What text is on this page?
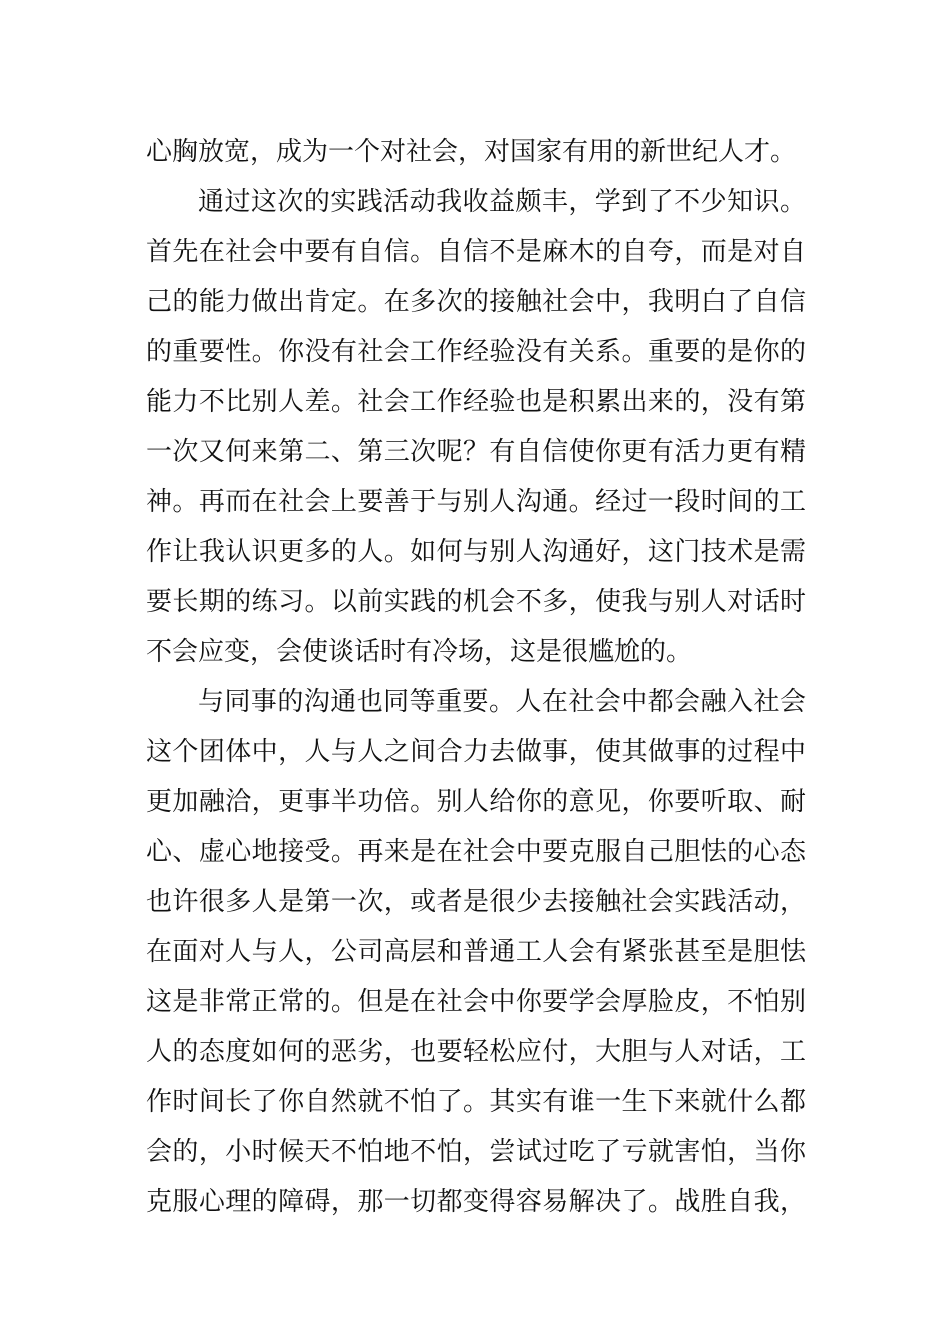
心胸放宽，成为一个对社会，对国家有用的新世纪人才。
通过这次的实践活动我收益颇丰，学到了不少知识。
首先在社会中要有自信。自信不是麻木的自夸，而是对自
己的能力做出肯定。在多次的接触社会中，我明白了自信
的重要性。你没有社会工作经验没有关系。重要的是你的
能力不比别人差。社会工作经验也是积累出来的，没有第
一次又何来第二、第三次呢？有自信使你更有活力更有精
神。再而在社会上要善于与别人沟通。经过一段时间的工
作让我认识更多的人。如何与别人沟通好，这门技术是需
要长期的练习。以前实践的机会不多，使我与别人对话时
不会应变，会使谈话时有冷场，这是很尴尬的。
与同事的沟通也同等重要。人在社会中都会融入社会
这个团体中，人与人之间合力去做事，使其做事的过程中
更加融洽，更事半功倍。别人给你的意见，你要听取、耐
心、虚心地接受。再来是在社会中要克服自己胆怯的心态
也许很多人是第一次，或者是很少去接触社会实践活动，
在面对人与人，公司高层和普通工人会有紧张甚至是胆怯
这是非常正常的。但是在社会中你要学会厚脸皮，不怕别
人的态度如何的恶劣，也要轻松应付，大胆与人对话，工
作时间长了你自然就不怕了。其实有谁一生下来就什么都
会的，小时候天不怕地不怕，尝试过吃了亏就害怕，当你
克服心理的障碍，那一切都变得容易解决了。战胜自我，
